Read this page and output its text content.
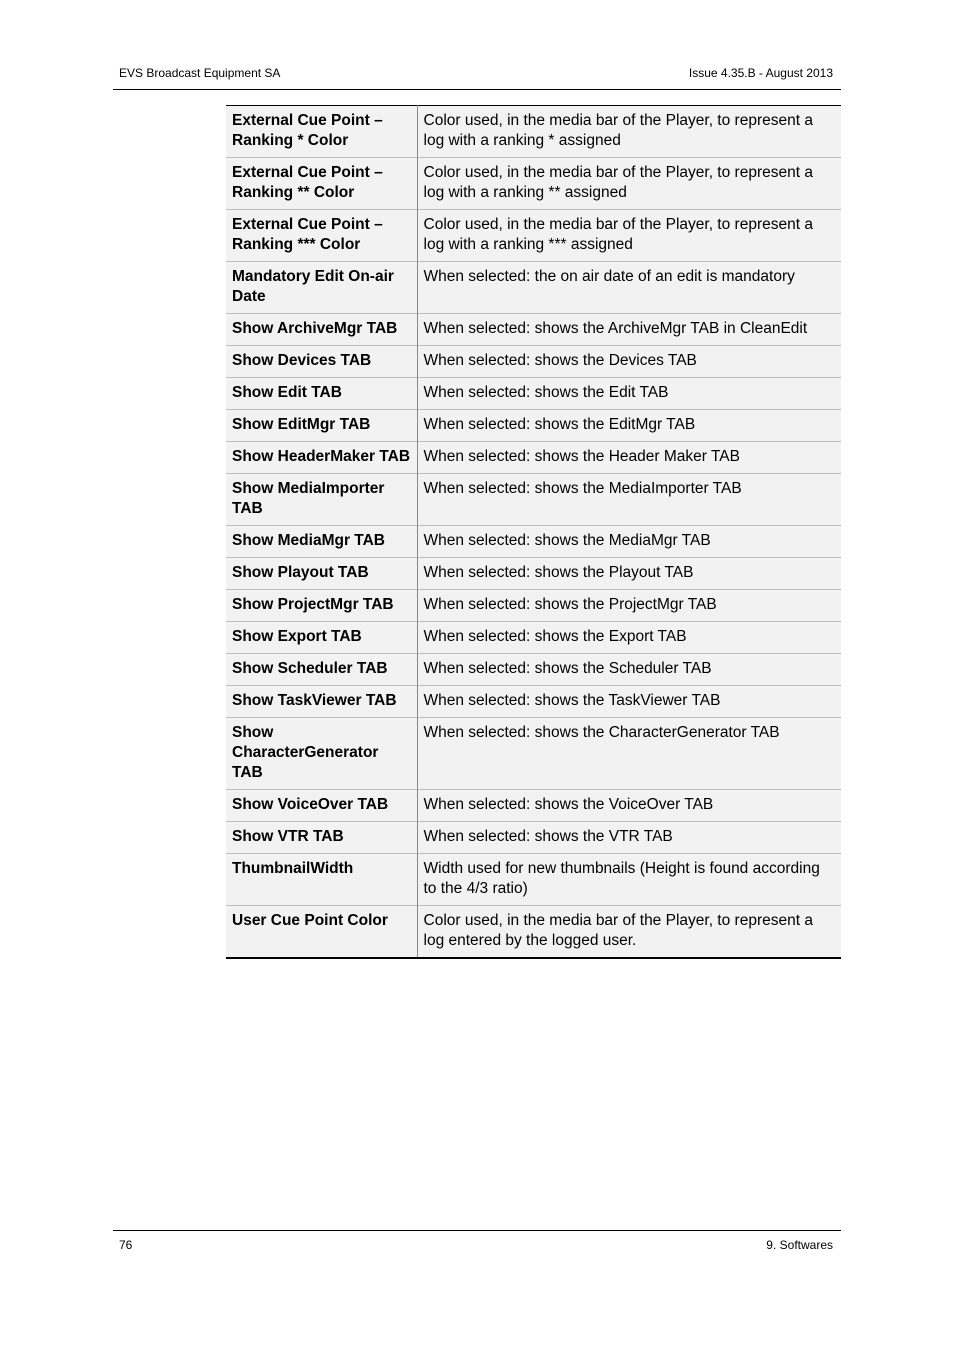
EVS Broadcast Equipment SA	Issue 4.35.B - August 2013
External Cue Point – Ranking * Color	Color used, in the media bar of the Player, to represent a log with a ranking * assigned
External Cue Point – Ranking ** Color	Color used, in the media bar of the Player, to represent a log with a ranking ** assigned
External Cue Point – Ranking *** Color	Color used, in the media bar of the Player, to represent a log with a ranking *** assigned
Mandatory Edit On-air Date	When selected: the on air date of an edit is mandatory
Show ArchiveMgr TAB	When selected: shows the ArchiveMgr TAB in CleanEdit
Show Devices TAB	When selected: shows the Devices TAB
Show Edit TAB	When selected: shows the Edit TAB
Show EditMgr TAB	When selected: shows the EditMgr TAB
Show HeaderMaker TAB	When selected: shows the Header Maker TAB
Show MediaImporter TAB	When selected: shows the MediaImporter TAB
Show MediaMgr TAB	When selected: shows the MediaMgr TAB
Show Playout TAB	When selected: shows the Playout TAB
Show ProjectMgr TAB	When selected: shows the ProjectMgr TAB
Show Export TAB	When selected: shows the Export TAB
Show Scheduler TAB	When selected: shows the Scheduler TAB
Show TaskViewer TAB	When selected: shows the TaskViewer TAB
Show CharacterGenerator TAB	When selected: shows the CharacterGenerator TAB
Show VoiceOver TAB	When selected: shows the VoiceOver TAB
Show VTR TAB	When selected: shows the VTR TAB
ThumbnailWidth	Width used for new thumbnails (Height is found according to the 4/3 ratio)
User Cue Point Color	Color used, in the media bar of the Player, to represent a log entered by the logged user.
76	9. Softwares
